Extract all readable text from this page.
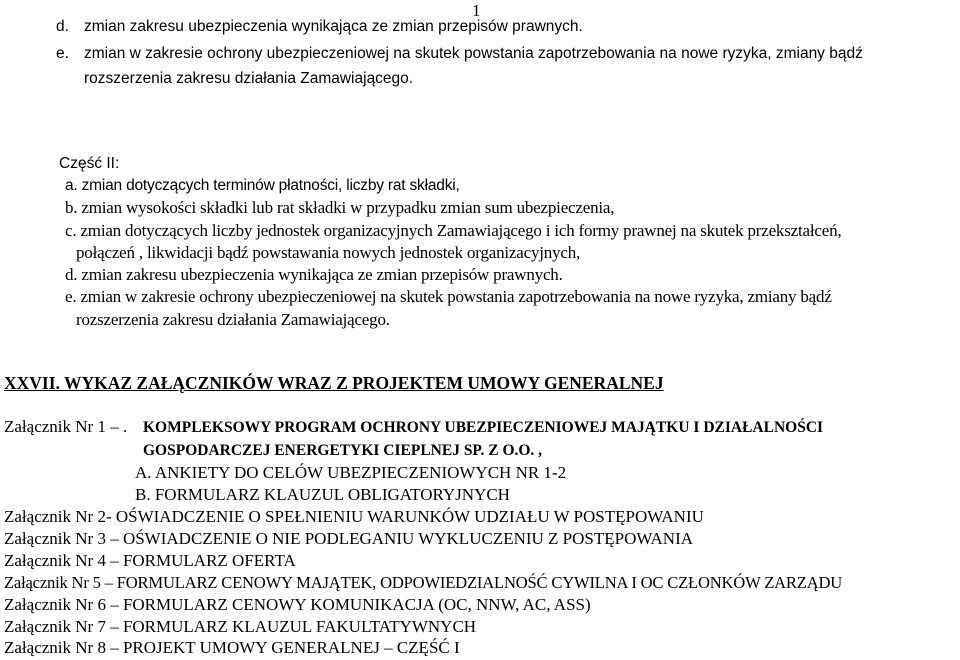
1
d. zmian zakresu ubezpieczenia wynikająca ze zmian przepisów prawnych.
e. zmian w zakresie ochrony ubezpieczeniowej na skutek powstania zapotrzebowania na nowe ryzyka, zmiany bądź
rozszerzenia zakresu działania Zamawiającego.
Część II:
a. zmian dotyczących terminów płatności, liczby rat składki,
b. zmian wysokości składki lub rat składki w przypadku zmian sum ubezpieczenia,
c. zmian dotyczących liczby jednostek organizacyjnych Zamawiającego i ich formy prawnej na skutek przekształceń,
połączeń , likwidacji bądź powstawania nowych jednostek organizacyjnych,
d. zmian zakresu ubezpieczenia wynikająca ze zmian przepisów prawnych.
e. zmian w zakresie ochrony ubezpieczeniowej na skutek powstania zapotrzebowania na nowe ryzyka, zmiany bądź
rozszerzenia zakresu działania Zamawiającego.
XXVII. WYKAZ ZAŁĄCZNIKÓW WRAZ Z PROJEKTEM UMOWY GENERALNEJ
Załącznik Nr 1 – . KOMPLEKSOWY PROGRAM OCHRONY UBEZPIECZENIOWEJ MAJĄTKU I DZIAŁALNOŚCI
GOSPODARCZEJ ENERGETYKI CIEPLNEJ SP. Z O.O. ,
A. ANKIETY DO CELÓW UBEZPIECZENIOWYCH NR 1-2
B. FORMULARZ KLAUZUL OBLIGATORYJNYCH
Załącznik Nr 2- OŚWIADCZENIE O SPEŁNIENIU WARUNKÓW UDZIAŁU W POSTĘPOWANIU
Załącznik Nr 3 – OŚWIADCZENIE O NIE PODLEGANIU WYKLUCZENIU Z POSTĘPOWANIA
Załącznik Nr 4 – FORMULARZ OFERTA
Załącznik Nr 5 – FORMULARZ CENOWY MAJĄTEK, ODPOWIEDZIALNOŚĆ CYWILNA I OC CZŁONKÓW ZARZĄDU
Załącznik Nr 6 – FORMULARZ CENOWY KOMUNIKACJA (OC, NNW, AC, ASS)
Załącznik Nr 7 – FORMULARZ KLAUZUL FAKULTATYWNYCH
Załącznik Nr 8 – PROJEKT UMOWY GENERALNEJ – CZĘŚĆ I
